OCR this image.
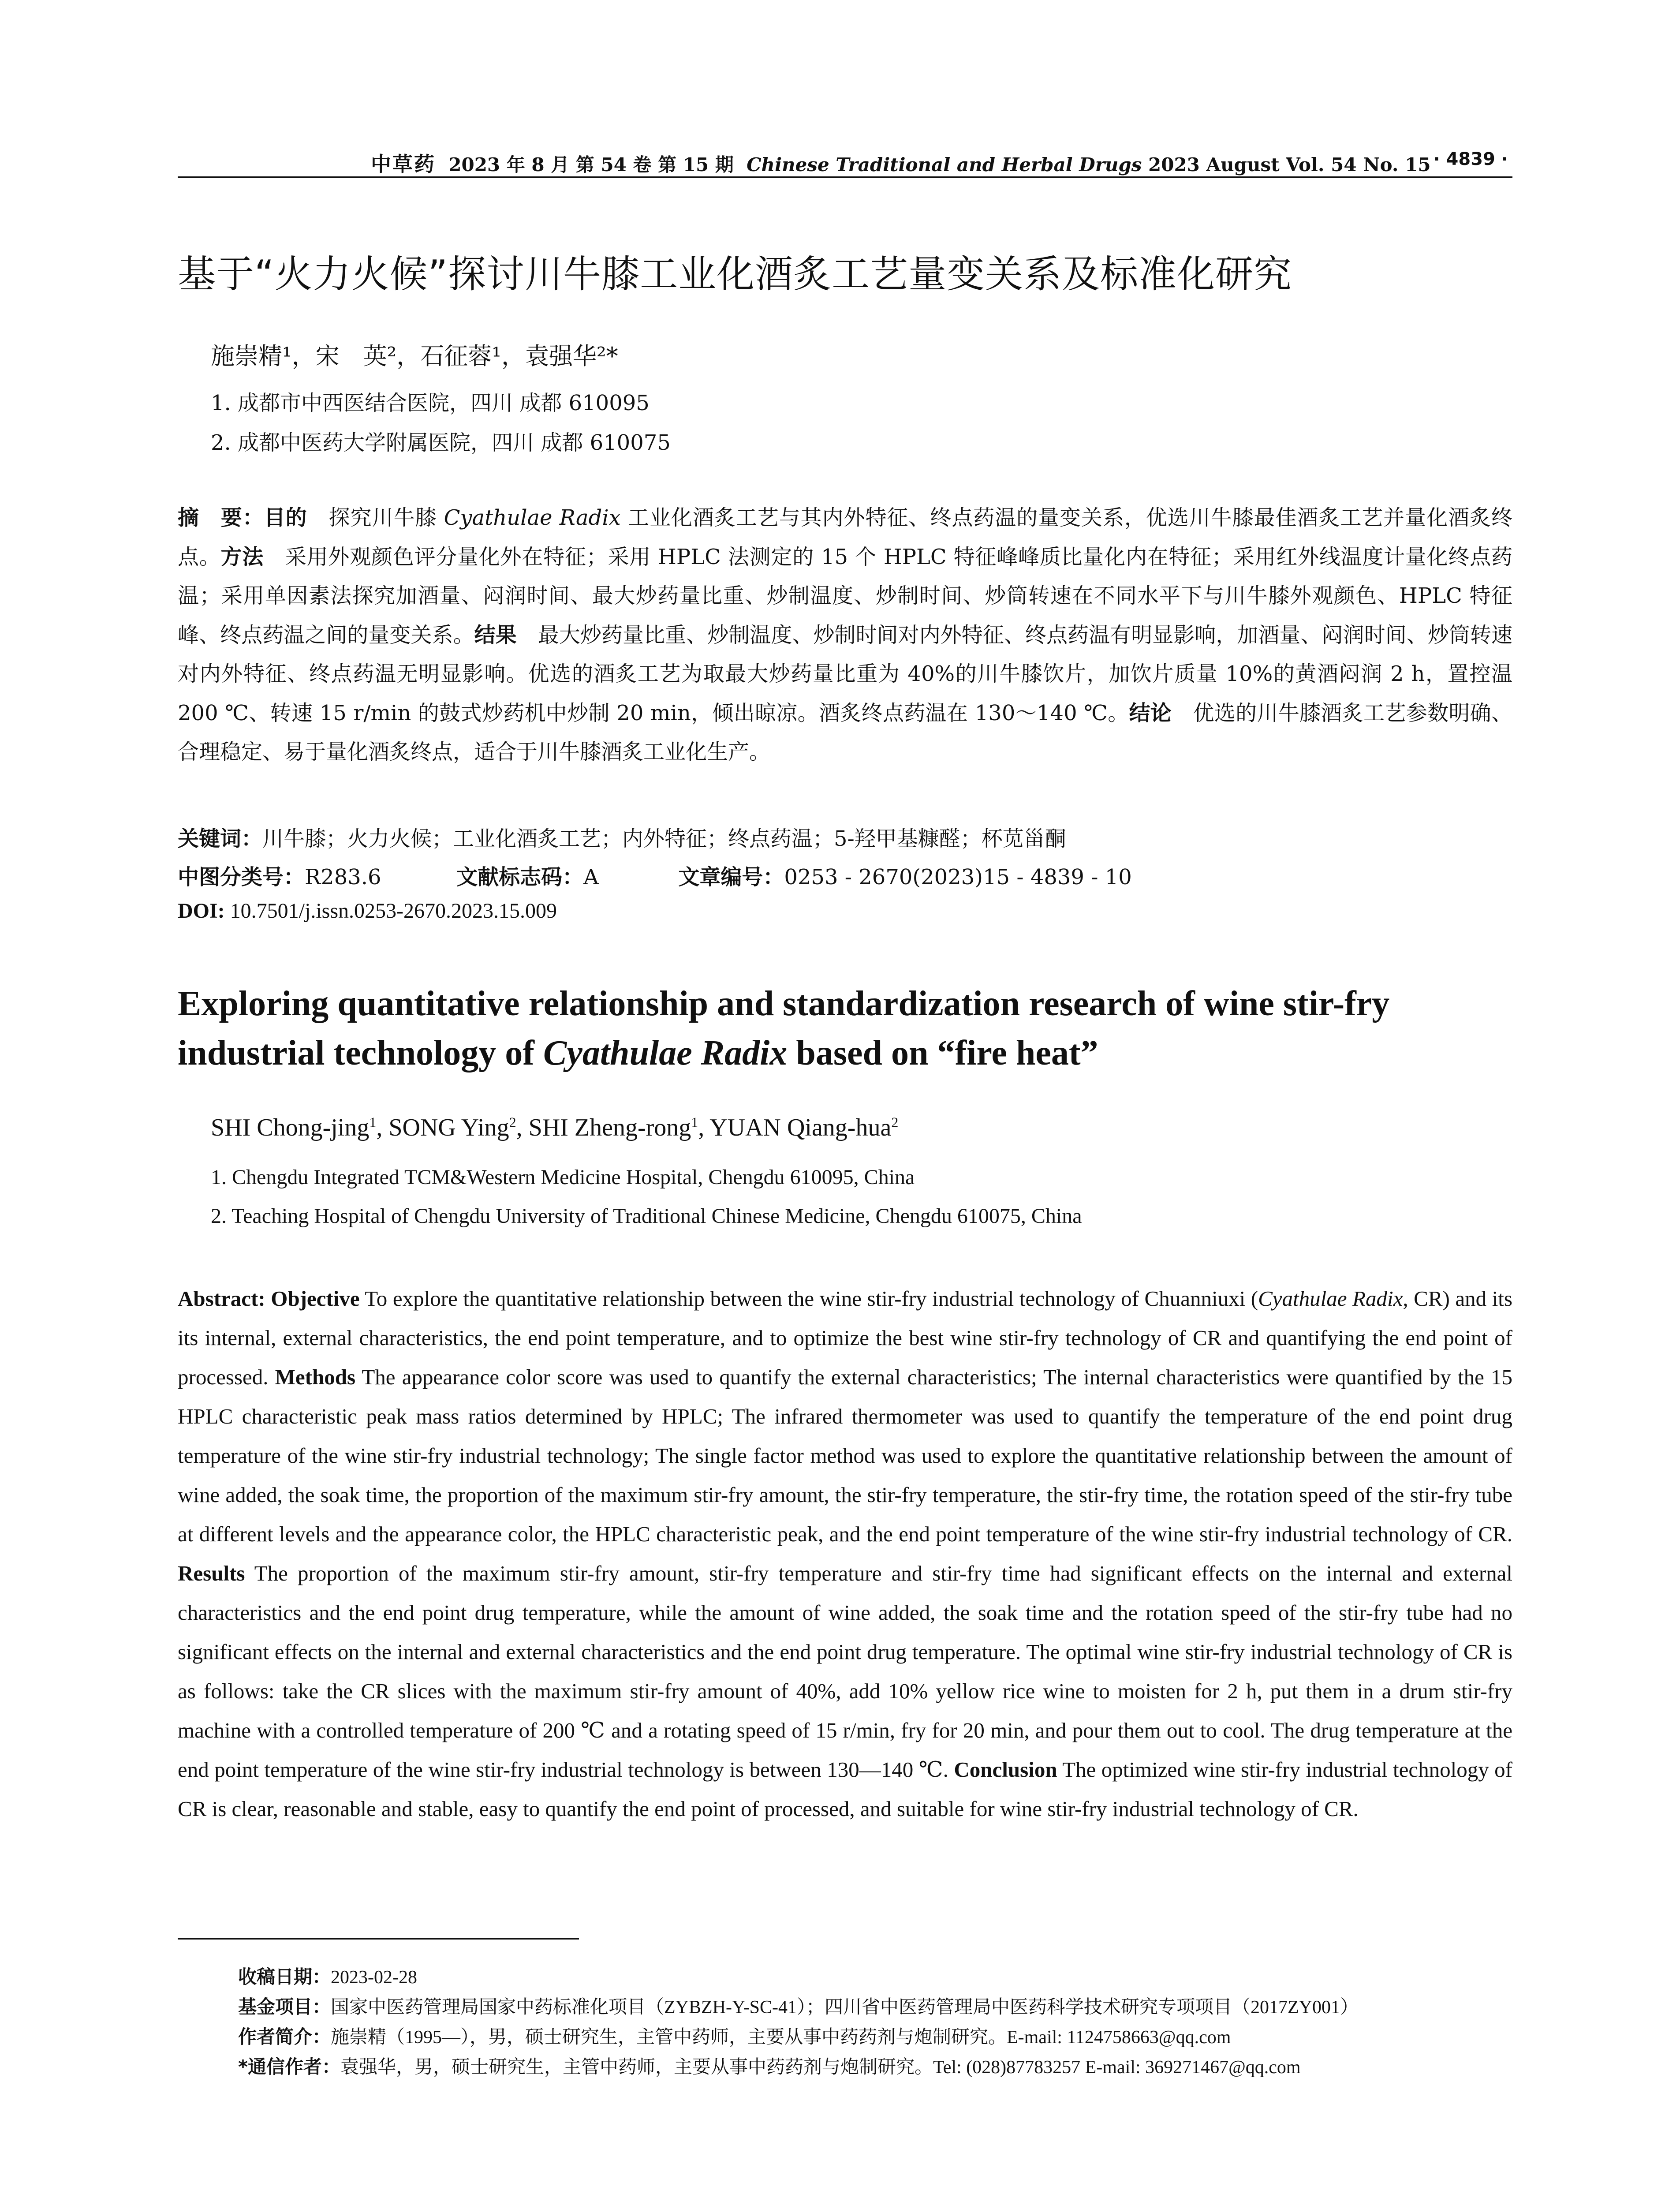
中草药 2023 年 8 月 第 54 卷 第 15 期 Chinese Traditional and Herbal Drugs 2023 August Vol. 54 No. 15 · 4839 ·
基于“火力火候”探讨川牛膝工业化酒炙工艺量变关系及标准化研究
施崇精¹，宋　英²，石征蓉¹，袁强华²*
1. 成都市中西医结合医院，四川 成都 610095
2. 成都中医药大学附属医院，四川 成都 610075
摘　要：目的　探究川牛膝 Cyathulae Radix 工业化酒炙工艺与其内外特征、终点药温的量变关系，优选川牛膝最佳酒炙工艺并量化酒炙终点。方法　采用外观颜色评分量化外在特征；采用 HPLC 法测定的 15 个 HPLC 特征峰峰质比量化内在特征；采用红外线温度计量化终点药温；采用单因素法探究加酒量、闷润时间、最大炒药量比重、炒制温度、炒制时间、炒筒转速在不同水平下与川牛膝外观颜色、HPLC 特征峰、终点药温之间的量变关系。结果　最大炒药量比重、炒制温度、炒制时间对内外特征、终点药温有明显影响，加酒量、闷润时间、炒筒转速对内外特征、终点药温无明显影响。优选的酒炙工艺为取最大炒药量比重为 40%的川牛膝饮片，加饮片质量 10%的黄酒闷润 2 h，置控温 200 ℃、转速 15 r/min 的鼓式炒药机中炒制 20 min，倾出晾凉。酒炙终点药温在 130～140 ℃。结论　优选的川牛膝酒炙工艺参数明确、合理稳定、易于量化酒炙终点，适合于川牛膝酒炙工业化生产。
关键词：川牛膝；火力火候；工业化酒炙工艺；内外特征；终点药温；5-羟甲基糠醛；杯苋甾酮
中图分类号：R283.6	文献标志码：A	文章编号：0253 - 2670(2023)15 - 4839 - 10
DOI: 10.7501/j.issn.0253-2670.2023.15.009
Exploring quantitative relationship and standardization research of wine stir-fry industrial technology of Cyathulae Radix based on “fire heat”
SHI Chong-jing$^1$, SONG Ying$^2$, SHI Zheng-rong$^1$, YUAN Qiang-hua$^2$
1. Chengdu Integrated TCM&Western Medicine Hospital, Chengdu 610095, China
2. Teaching Hospital of Chengdu University of Traditional Chinese Medicine, Chengdu 610075, China
Abstract: Objective To explore the quantitative relationship between the wine stir-fry industrial technology of Chuanniuxi (Cyathulae Radix, CR) and its its internal, external characteristics, the end point temperature, and to optimize the best wine stir-fry technology of CR and quantifying the end point of processed. Methods The appearance color score was used to quantify the external characteristics; The internal characteristics were quantified by the 15 HPLC characteristic peak mass ratios determined by HPLC; The infrared thermometer was used to quantify the temperature of the end point drug temperature of the wine stir-fry industrial technology; The single factor method was used to explore the quantitative relationship between the amount of wine added, the soak time, the proportion of the maximum stir-fry amount, the stir-fry temperature, the stir-fry time, the rotation speed of the stir-fry tube at different levels and the appearance color, the HPLC characteristic peak, and the end point temperature of the wine stir-fry industrial technology of CR. Results The proportion of the maximum stir-fry amount, stir-fry temperature and stir-fry time had significant effects on the internal and external characteristics and the end point drug temperature, while the amount of wine added, the soak time and the rotation speed of the stir-fry tube had no significant effects on the internal and external characteristics and the end point drug temperature. The optimal wine stir-fry industrial technology of CR is as follows: take the CR slices with the maximum stir-fry amount of 40%, add 10% yellow rice wine to moisten for 2 h, put them in a drum stir-fry machine with a controlled temperature of 200 ℃ and a rotating speed of 15 r/min, fry for 20 min, and pour them out to cool. The drug temperature at the end point temperature of the wine stir-fry industrial technology is between 130—140 ℃. Conclusion The optimized wine stir-fry industrial technology of CR is clear, reasonable and stable, easy to quantify the end point of processed, and suitable for wine stir-fry industrial technology of CR.
收稿日期：2023-02-28
基金项目：国家中医药管理局国家中药标准化项目（ZYBZH-Y-SC-41）；四川省中医药管理局中医药科学技术研究专项项目（2017ZY001）
作者简介：施崇精（1995—），男，硕士研究生，主管中药师，主要从事中药药剂与炮制研究。E-mail: 1124758663@qq.com
*通信作者：袁强华，男，硕士研究生，主管中药师，主要从事中药药剂与炮制研究。Tel: (028)87783257 E-mail: 369271467@qq.com
